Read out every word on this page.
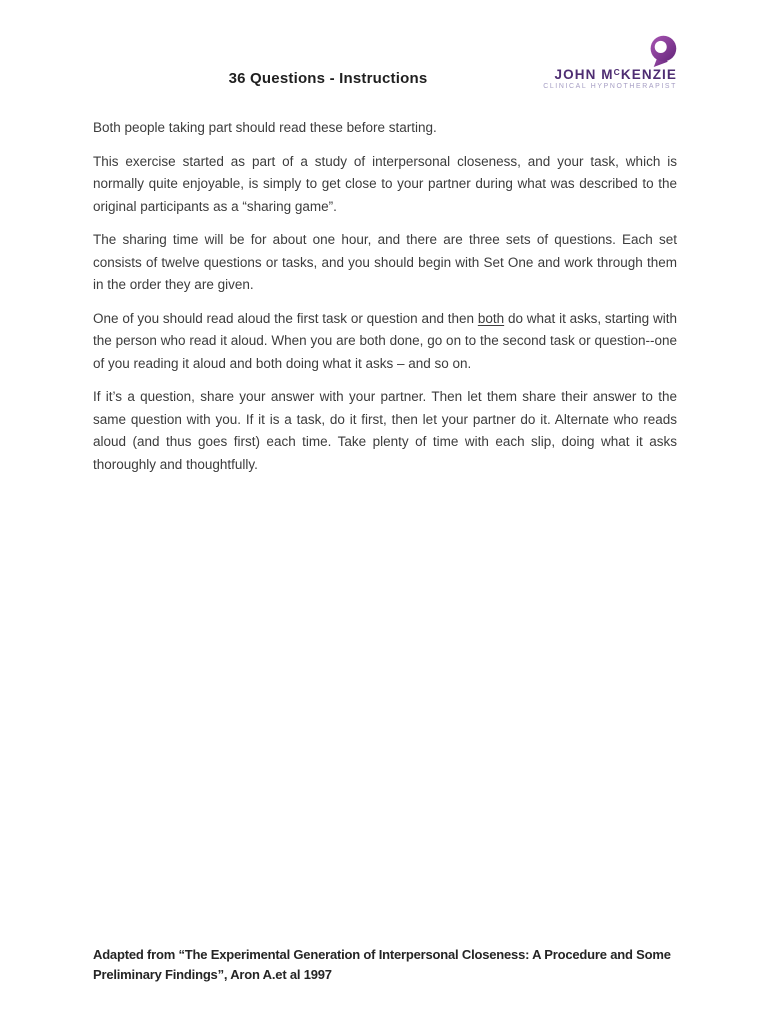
36 Questions - Instructions	JOHN $M^CKENZIE$
CLINICAL HYPNOTHERAPIST

Both people taking part should read these before starting.

This exercise started as part of a study of interpersonal closeness, and your task, which is normally quite enjoyable, is simply to get close to your partner during what was described to the original participants as a “sharing game”.

The sharing time will be for about one hour, and there are three sets of questions. Each set consists of twelve questions or tasks, and you should begin with Set One and work through them in the order they are given.

One of you should read aloud the first task or question and then both do what it asks, starting with the person who read it aloud. When you are both done, go on to the second task or question--one of you reading it aloud and both doing what it asks – and so on.

If it’s a question, share your answer with your partner. Then let them share their answer to the same question with you. If it is a task, do it first, then let your partner do it. Alternate who reads aloud (and thus goes first) each time. Take plenty of time with each slip, doing what it asks thoroughly and thoughtfully.

Adapted from “The Experimental Generation of Interpersonal Closeness: A Procedure and Some
Preliminary Findings”, Aron A.et al 1997
